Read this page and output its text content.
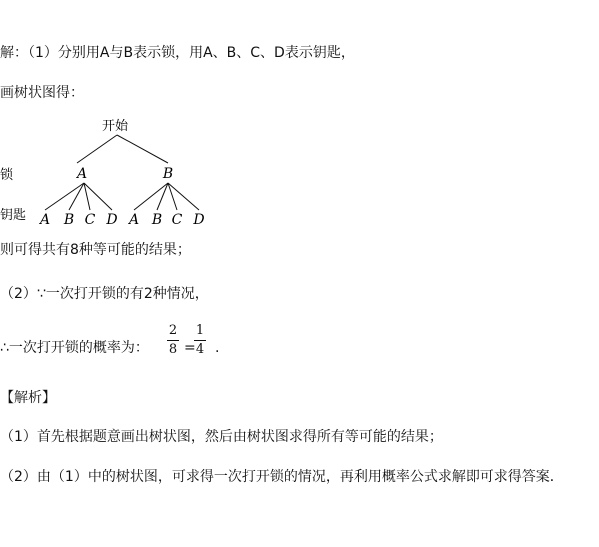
解：（1）分别用A与B表示锁，用A、B、C、D表示钥匙，
画树状图得：
开始
锁
钥匙
A	B
A B C D A B C D
则可得共有8种等可能的结果；
（2）∵一次打开锁的有2种情况，
∴一次打开锁的概率为：
2
8 =
1
4 .
【解析】
（1）首先根据题意画出树状图，然后由树状图求得所有等可能的结果；
（2）由（1）中的树状图，可求得一次打开锁的情况，再利用概率公式求解即可求得答案．
